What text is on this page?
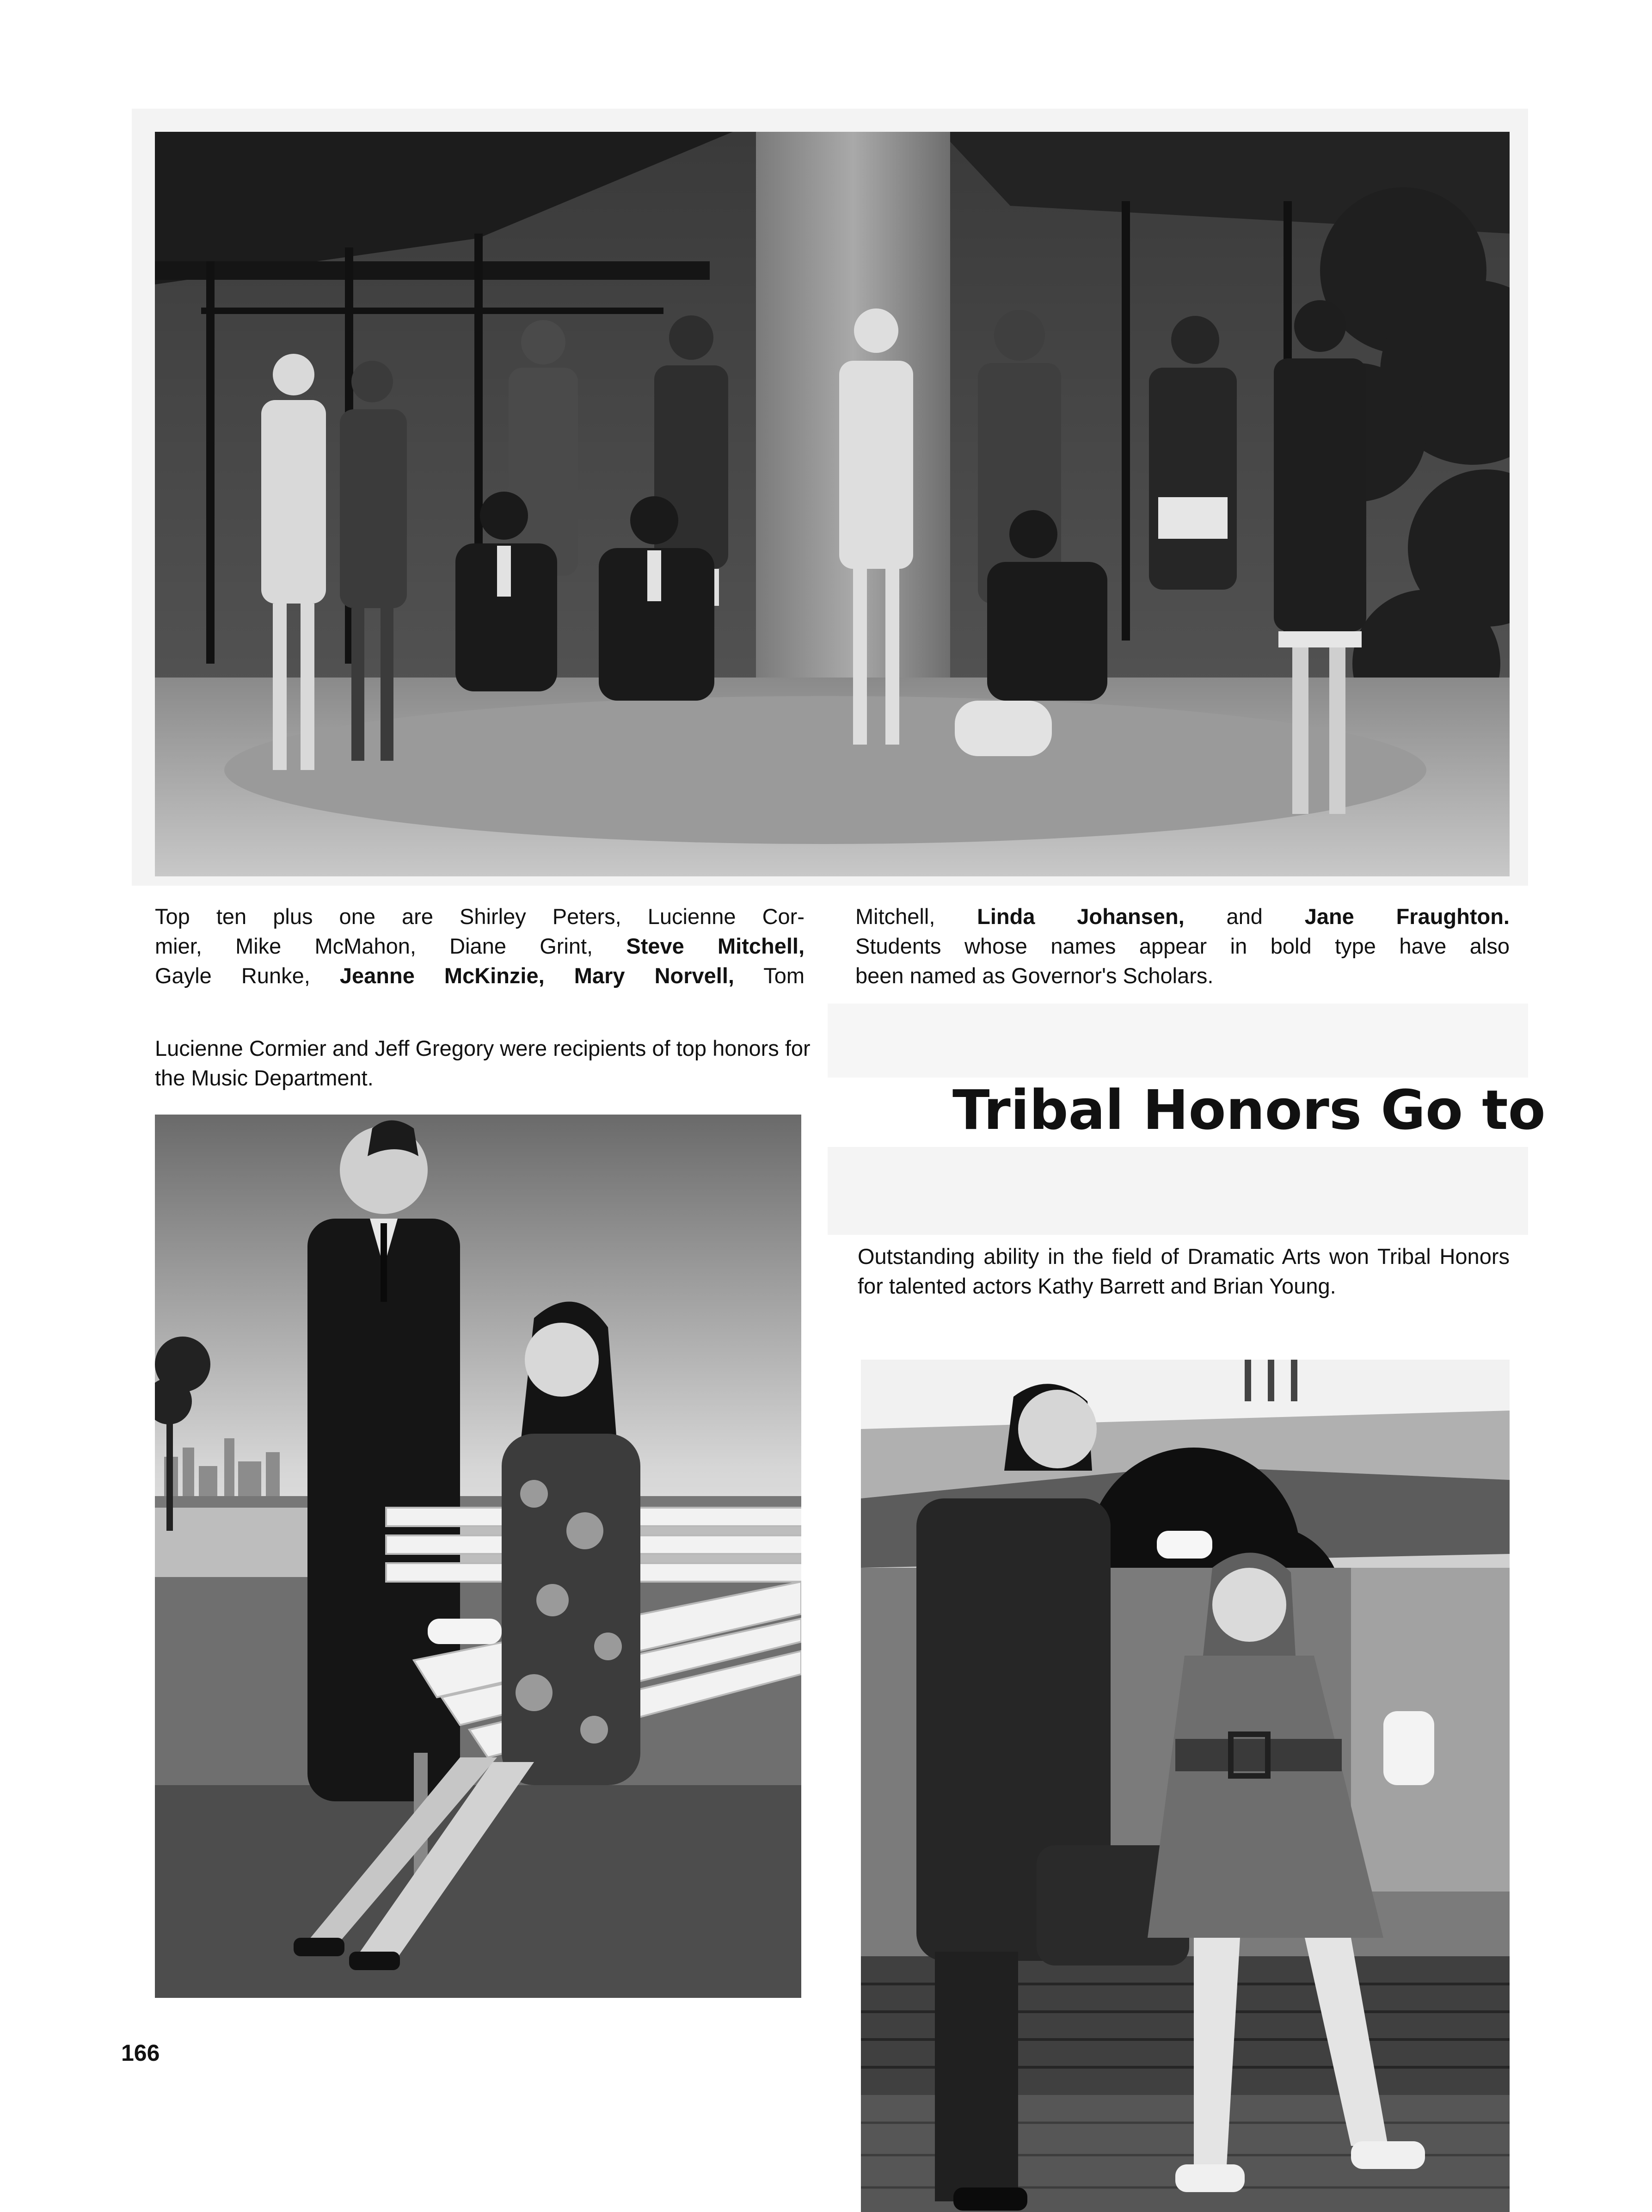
Top ten plus one are Shirley Peters, Lucienne Cor-
mier, Mike McMahon, Diane Grint, Steve Mitchell,
Gayle Runke, Jeanne McKinzie, Mary Norvell, Tom
Mitchell, Linda Johansen, and Jane Fraughton.
Students whose names appear in bold type have also
been named as Governor's Scholars.

Lucienne Cormier and Jeff Gregory were recipients of top honors for the Music Department.

Tribal Honors Go to

Outstanding ability in the field of Dramatic Arts won Tribal Honors for talented actors Kathy Barrett and Brian Young.

166
